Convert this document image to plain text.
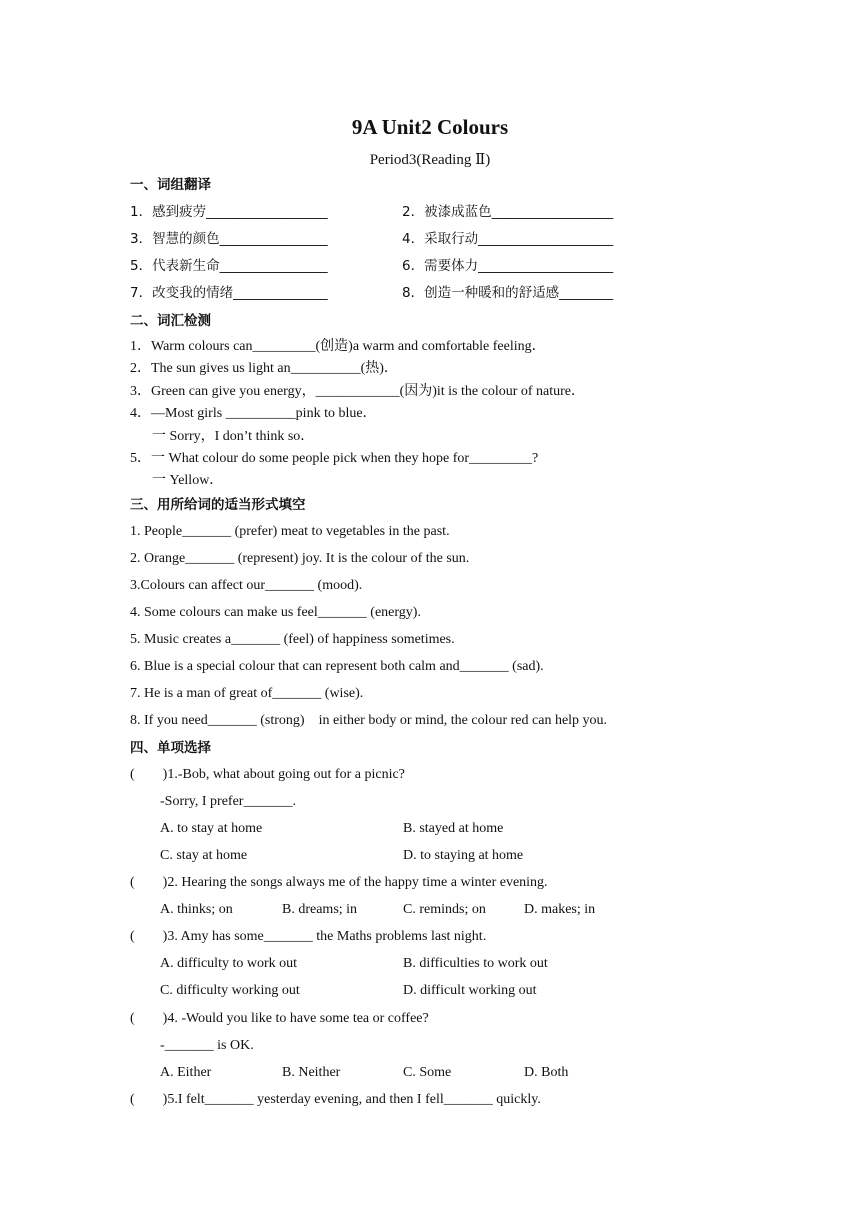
9A Unit2 Colours
Period3(Reading Ⅱ)
一、词组翻译
1．感到疲劳__________________	2．被漆成蓝色__________________
3．智慧的颜色________________	4．采取行动____________________
5．代表新生命________________	6．需要体力____________________
7．改变我的情绪______________	8．创造一种暖和的舒适感________
二、词汇检测
1．Warm colours can_________(创造)a warm and comfortable feeling．
2．The sun gives us light an__________(热)．
3．Green can give you energy，____________(因为)it is the colour of nature．
4．—Most girls __________pink to blue．
一 Sorry，I don’t think so．
5．一 What colour do some people pick when they hope for_________?
一 Yellow．
三、用所给词的适当形式填空
1. People_______ (prefer) meat to vegetables in the past.
2. Orange_______ (represent) joy. It is the colour of the sun.
3.Colours can affect our_______ (mood).
4. Some colours can make us feel_______ (energy).
5. Music creates a_______ (feel) of happiness sometimes.
6. Blue is a special colour that can represent both calm and_______ (sad).
7. He is a man of great of_______ (wise).
8. If you need_______ (strong)    in either body or mind, the colour red can help you.
四、单项选择
(        )1.-Bob, what about going out for a picnic?
-Sorry, I prefer_______.
A. to stay at home	B. stayed at home
C. stay at home	D. to staying at home
(        )2. Hearing the songs always me of the happy time a winter evening.
A. thinks; on	B. dreams; in	C. reminds; on	D. makes; in
(        )3. Amy has some_______ the Maths problems last night.
A. difficulty to work out	B. difficulties to work out
C. difficulty working out	D. difficult working out
(        )4. -Would you like to have some tea or coffee?
-_______ is OK.
A. Either	B. Neither	C. Some	D. Both
(        )5.I felt_______ yesterday evening, and then I fell_______ quickly.
